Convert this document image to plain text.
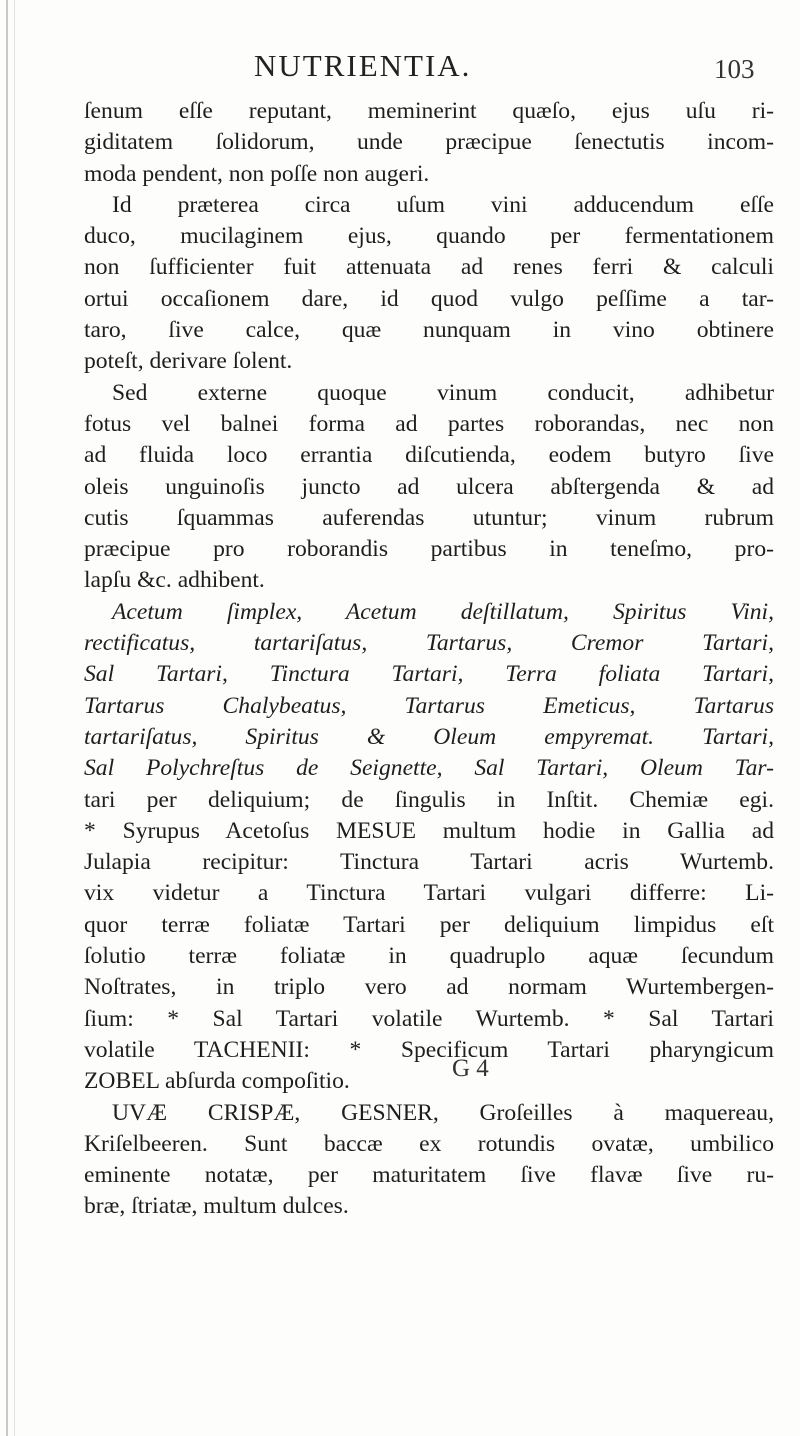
NUTRIENTIA.	103
ſenum eſſe reputant, meminerint quæſo, ejus uſu ri-
giditatem ſolidorum, unde præcipue ſenectutis incom-
moda pendent, non poſſe non augeri.
Id præterea circa uſum vini adducendum eſſe
duco, mucilaginem ejus, quando per fermentationem
non ſufficienter fuit attenuata ad renes ferri & calculi
ortui occaſionem dare, id quod vulgo peſſime a tar-
taro, ſive calce, quæ nunquam in vino obtinere
poteſt, derivare ſolent.
Sed externe quoque vinum conducit, adhibetur
fotus vel balnei forma ad partes roborandas, nec non
ad fluida loco errantia diſcutienda, eodem butyro ſive
oleis unguinoſis juncto ad ulcera abſtergenda & ad
cutis ſquammas auferendas utuntur; vinum rubrum
præcipue pro roborandis partibus in teneſmo, pro-
lapſu &c. adhibent.
Acetum ſimplex, Acetum deſtillatum, Spiritus Vini,
rectificatus, tartariſatus, Tartarus, Cremor Tartari,
Sal Tartari, Tinctura Tartari, Terra foliata Tartari,
Tartarus Chalybeatus, Tartarus Emeticus, Tartarus
tartariſatus, Spiritus & Oleum empyremat. Tartari,
Sal Polychreſtus de Seignette, Sal Tartari, Oleum Tar-
tari per deliquium; de ſingulis in Inſtit. Chemiæ egi.
* Syrupus Acetoſus MESUE multum hodie in Gallia ad
Julapia recipitur: Tinctura Tartari acris Wurtemb.
vix videtur a Tinctura Tartari vulgari differre: Li-
quor terræ foliatæ Tartari per deliquium limpidus eſt
ſolutio terræ foliatæ in quadruplo aquæ ſecundum
Noſtrates, in triplo vero ad normam Wurtembergen-
ſium: * Sal Tartari volatile Wurtemb. * Sal Tartari
volatile TACHENII: * Specificum Tartari pharyngicum
ZOBEL abſurda compoſitio.
UVÆ CRISPÆ, GESNER, Groſeilles à maquereau,
Kriſelbeeren. Sunt baccæ ex rotundis ovatæ, umbilico
eminente notatæ, per maturitatem ſive flavæ ſive ru-
bræ, ſtriatæ, multum dulces.
G 4
